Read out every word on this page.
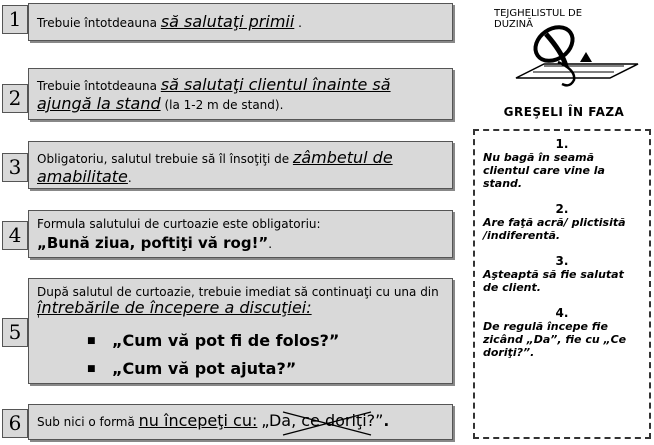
1	Trebuie întotdeauna să salutaţi primii .
2	Trebuie întotdeauna să salutaţi clientul înainte să ajungă la stand (la 1-2 m de stand).
3	Obligatoriu, salutul trebuie să îl însoţiţi de zâmbetul de amabilitate.
4	Formula salutului de curtoazie este obligatoriu:
„Bună ziua, poftiţi vă rog!”.
5
După salutul de curtoazie, trebuie imediat să continuaţi cu una din întrebările de începere a discuţiei:
'
■ „Cum vă pot fi de folos?”
■ „Cum vă pot ajuta?”
6	Sub nici o formă nu începeţi cu: „Da, ce doriţi?”
.
TEJGHELISTUL DE DUZINĂ
GREŞELI ÎN FAZA
1.
Nu bagă în seamă clientul care vine la stand.
2.
Are faţă acră/ plictisită /indiferentă.
3.
Aşteaptă să fie salutat de client.
4.
De regulă începe fie zicând „Da”, fie cu „Ce doriţi?”.
